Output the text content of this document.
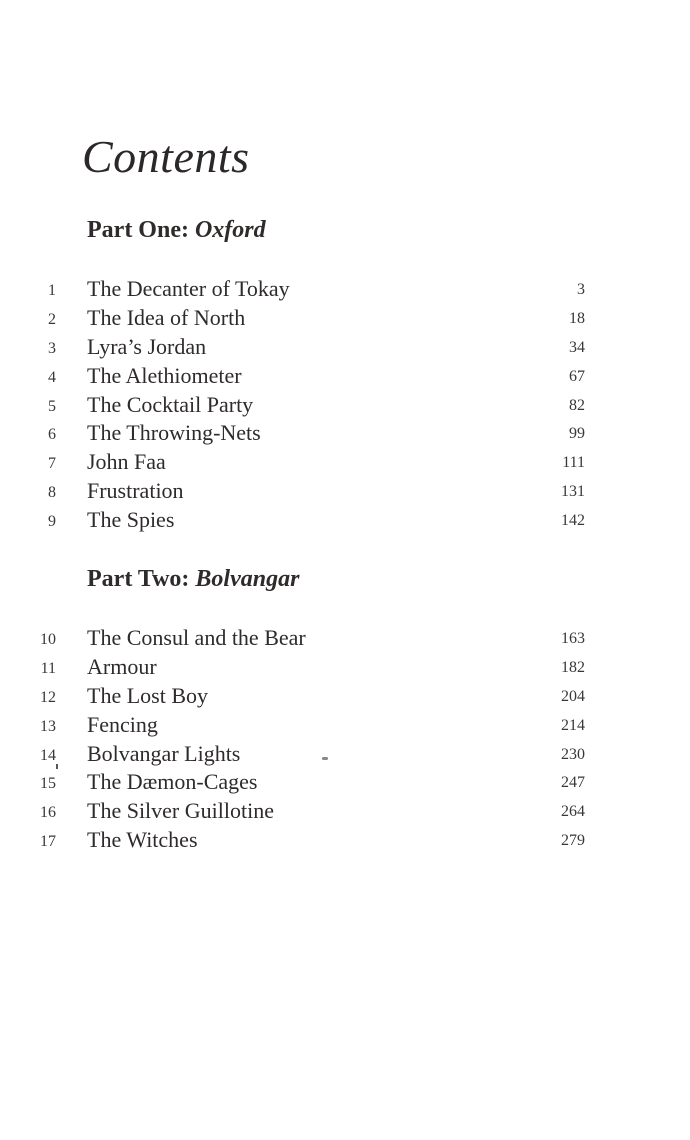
Contents
Part One: Oxford
1 The Decanter of Tokay	3
2 The Idea of North	18
3 Lyra’s Jordan	34
4 The Alethiometer	67
5 The Cocktail Party	82
6 The Throwing-Nets	99
7 John Faa	111
8 Frustration	131
9 The Spies	142
Part Two: Bolvangar
10 The Consul and the Bear	163
11 Armour	182
12 The Lost Boy	204
13 Fencing	214
14 Bolvangar Lights	230
15 The Dæmon-Cages	247
16 The Silver Guillotine	264
17 The Witches	279
